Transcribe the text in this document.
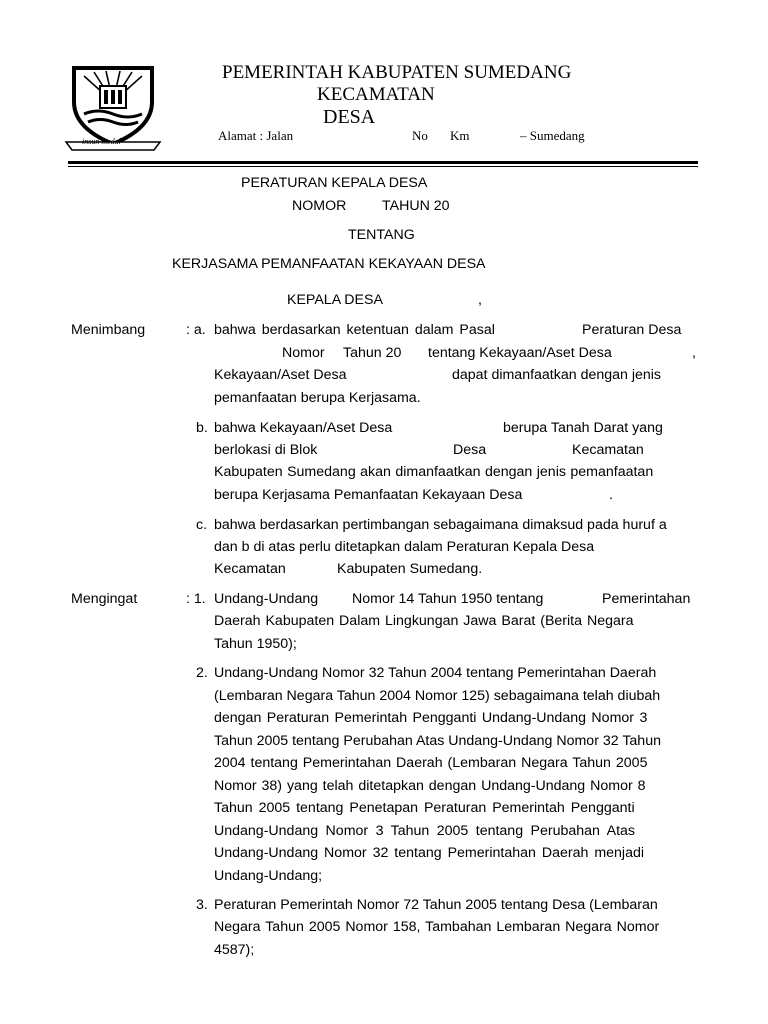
insun medal
PEMERINTAH KABUPATEN SUMEDANG
KECAMATAN
DESA
Alamat : Jalan	No Km	– Sumedang
PERATURAN KEPALA DESA
NOMOR	TAHUN 20
TENTANG
KERJASAMA PEMANFAATAN KEKAYAAN DESA
KEPALA DESA	,
Menimbang	: a. bahwa berdasarkan ketentuan dalam Pasal	Peraturan Desa
Nomor Tahun 20 tentang Kekayaan/Aset Desa	,
Kekayaan/Aset Desa	dapat dimanfaatkan dengan jenis
pemanfaatan berupa Kerjasama.
b. bahwa Kekayaan/Aset Desa	berupa Tanah Darat yang
berlokasi di Blok	Desa	Kecamatan
Kabupaten Sumedang akan dimanfaatkan dengan jenis pemanfaatan
berupa Kerjasama Pemanfaatan Kekayaan Desa	.
c. bahwa berdasarkan pertimbangan sebagaimana dimaksud pada huruf a
dan b di atas perlu ditetapkan dalam Peraturan Kepala Desa
Kecamatan	Kabupaten Sumedang.
Mengingat	: 1. Undang-Undang Nomor 14 Tahun 1950 tentang	Pemerintahan
Daerah Kabupaten Dalam Lingkungan Jawa Barat (Berita Negara
Tahun 1950);
2. Undang-Undang Nomor 32 Tahun 2004 tentang Pemerintahan Daerah
(Lembaran Negara Tahun 2004 Nomor 125) sebagaimana telah diubah
dengan Peraturan Pemerintah Pengganti Undang-Undang Nomor 3
Tahun 2005 tentang Perubahan Atas Undang-Undang Nomor 32 Tahun
2004 tentang Pemerintahan Daerah (Lembaran Negara Tahun 2005
Nomor 38) yang telah ditetapkan dengan Undang-Undang Nomor 8
Tahun 2005 tentang Penetapan Peraturan Pemerintah Pengganti
Undang-Undang Nomor 3 Tahun 2005 tentang Perubahan Atas
Undang-Undang Nomor 32 tentang Pemerintahan Daerah menjadi
Undang-Undang;
3. Peraturan Pemerintah Nomor 72 Tahun 2005 tentang Desa (Lembaran
Negara Tahun 2005 Nomor 158, Tambahan Lembaran Negara Nomor
4587);
